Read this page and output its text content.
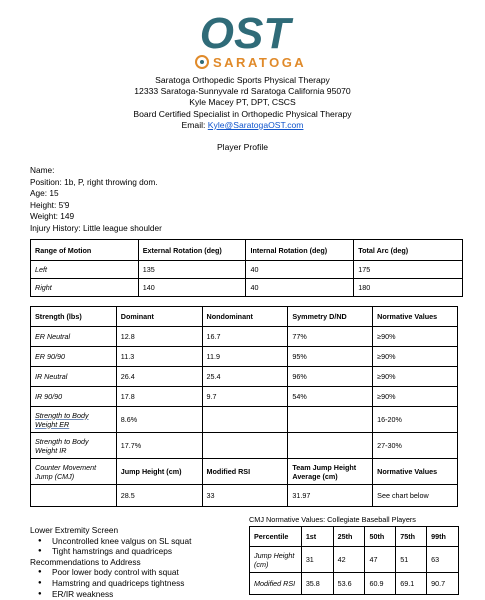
OST
SARATOGA
Saratoga Orthopedic Sports Physical Therapy
12333 Saratoga-Sunnyvale rd Saratoga California 95070
Kyle Macey PT, DPT, CSCS
Board Certified Specialist in Orthopedic Physical Therapy
Email: Kyle@SaratogaOST.com
Player Profile
Name:
Position: 1b, P, right throwing dom.
Age: 15
Height: 5'9
Weight: 149
Injury History: Little league shoulder
Range of Motion	External Rotation (deg)	Internal Rotation (deg)	Total Arc (deg)
Left	135	40	175
Right	140	40	180
Strength (lbs)	Dominant	Nondominant	Symmetry D/ND	Normative Values
ER Neutral	12.8	16.7	77%	≥90%
ER 90/90	11.3	11.9	95%	≥90%
IR Neutral	26.4	25.4	96%	≥90%
IR 90/90	17.8	9.7	54%	≥90%
Strength to Body Weight ER	8.6%			16-20%
Strength to Body Weight IR	17.7%			27-30%
Counter Movement Jump (CMJ)	Jump Height (cm)	Modified RSI	Team Jump Height Average (cm)	Normative Values
	28.5	33	31.97	See chart below
Lower Extremity Screen
● Uncontrolled knee valgus on SL squat
● Tight hamstrings and quadriceps
Recommendations to Address
● Poor lower body control with squat
● Hamstring and quadriceps tightness
● ER/IR weakness
CMJ Normative Values: Collegiate Baseball Players
Percentile	1st	25th	50th	75th	99th
Jump Height (cm)	31	42	47	51	63
Modified RSI	35.8	53.6	60.9	69.1	90.7
